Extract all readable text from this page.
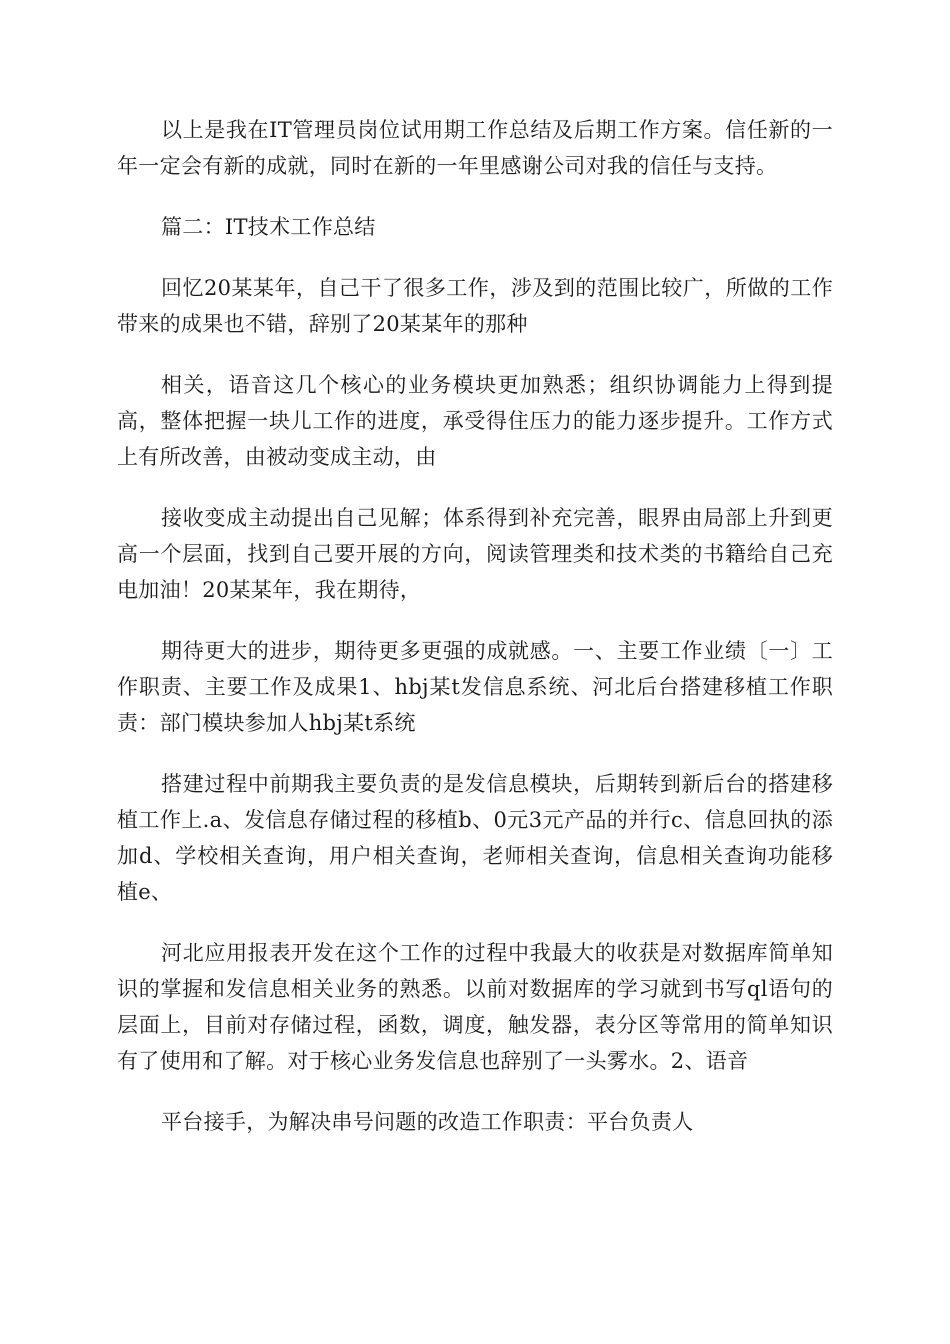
以上是我在IT管理员岗位试用期工作总结及后期工作方案。信任新的一年一定会有新的成就，同时在新的一年里感谢公司对我的信任与支持。

篇二：IT技术工作总结

回忆20某某年，自己干了很多工作，涉及到的范围比较广，所做的工作带来的成果也不错，辞别了20某某年的那种

相关，语音这几个核心的业务模块更加熟悉；组织协调能力上得到提高，整体把握一块儿工作的进度，承受得住压力的能力逐步提升。工作方式上有所改善，由被动变成主动，由

接收变成主动提出自己见解；体系得到补充完善，眼界由局部上升到更高一个层面，找到自己要开展的方向，阅读管理类和技术类的书籍给自己充电加油！20某某年，我在期待，

期待更大的进步，期待更多更强的成就感。一、主要工作业绩〔一〕工作职责、主要工作及成果1、hbj某t发信息系统、河北后台搭建移植工作职责：部门模块参加人hbj某t系统

搭建过程中前期我主要负责的是发信息模块，后期转到新后台的搭建移植工作上.a、发信息存储过程的移植b、0元3元产品的并行c、信息回执的添加d、学校相关查询，用户相关查询，老师相关查询，信息相关查询功能移植e、

河北应用报表开发在这个工作的过程中我最大的收获是对数据库简单知识的掌握和发信息相关业务的熟悉。以前对数据库的学习就到书写ql语句的层面上，目前对存储过程，函数，调度，触发器，表分区等常用的简单知识有了使用和了解。对于核心业务发信息也辞别了一头雾水。2、语音

平台接手，为解决串号问题的改造工作职责：平台负责人
